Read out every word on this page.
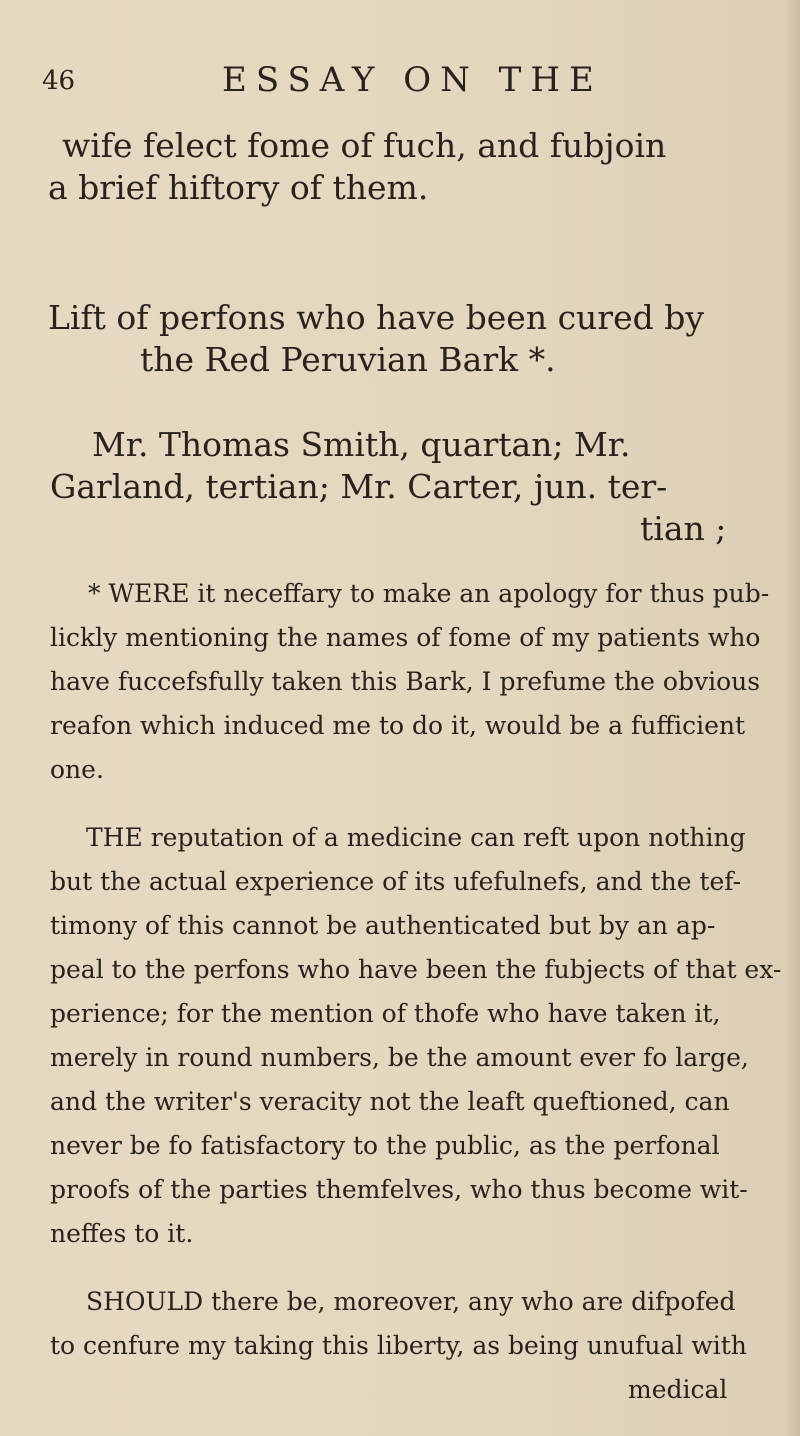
46	ESSAY ON THE
wife felect fome of fuch, and fubjoin
a brief hiftory of them.
Lift of perfons who have been cured by
the Red Peruvian Bark *.
Mr. Thomas Smith, quartan; Mr.
Garland, tertian; Mr. Carter, jun. ter-
tian ;
* WERE it neceffary to make an apology for thus pub-
lickly mentioning the names of fome of my patients who
have fuccefsfully taken this Bark, I prefume the obvious
reafon which induced me to do it, would be a fufficient
one.
THE reputation of a medicine can reft upon nothing
but the actual experience of its ufefulnefs, and the tef-
timony of this cannot be authenticated but by an ap-
peal to the perfons who have been the fubjects of that ex-
perience; for the mention of thofe who have taken it,
merely in round numbers, be the amount ever fo large,
and the writer's veracity not the leaft queftioned, can
never be fo fatisfactory to the public, as the perfonal
proofs of the parties themfelves, who thus become wit-
neffes to it.
SHOULD there be, moreover, any who are difpofed
to cenfure my taking this liberty, as being unufual with
medical
